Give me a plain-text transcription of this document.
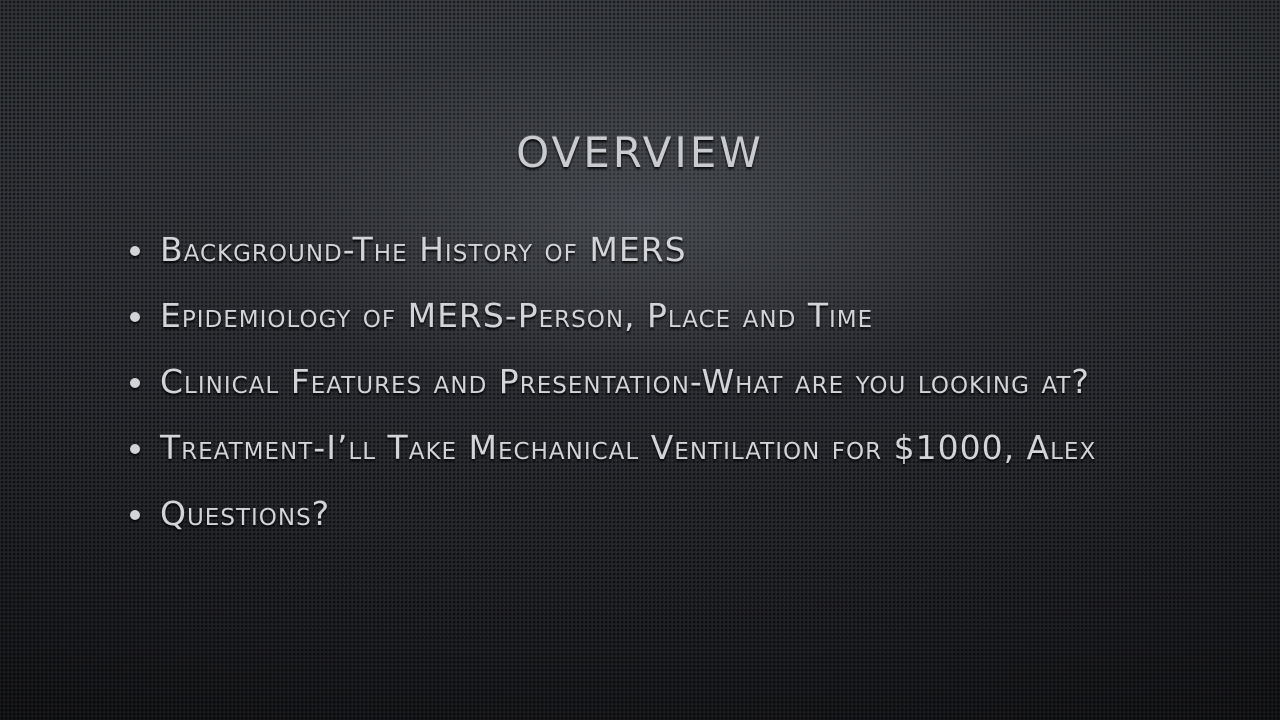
OVERVIEW
Background-The History of MERS
Epidemiology of MERS-Person, Place and Time
Clinical Features and Presentation-What are you looking at?
Treatment-I’ll Take Mechanical Ventilation for $1000, Alex
Questions?
